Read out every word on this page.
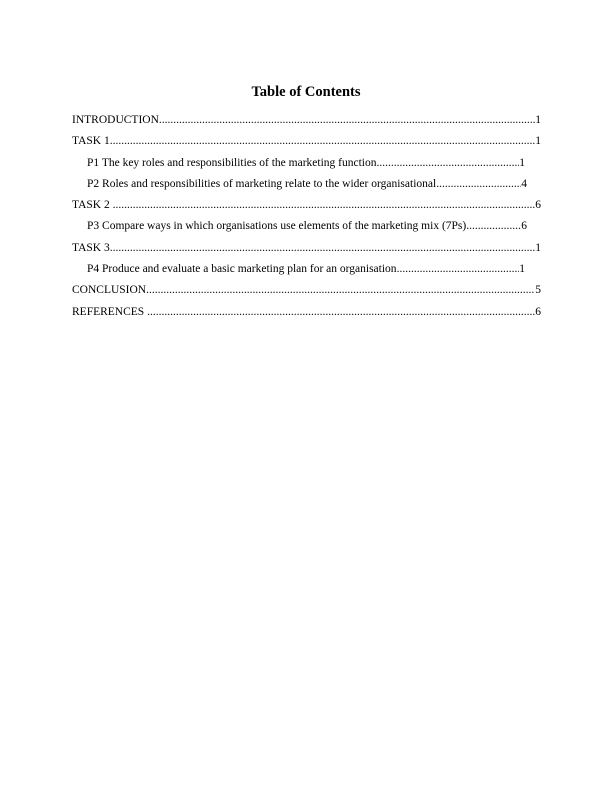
Table of Contents
INTRODUCTION .....	1
TASK 1 .....	1
P1 The key roles and responsibilities of the marketing function .....	1
P2 Roles and responsibilities of marketing relate to the wider organisational .....	4
TASK 2 .....	6
P3 Compare ways in which organisations use elements of the marketing mix (7Ps) .....	6
TASK 3 .....	1
P4 Produce and evaluate a basic marketing plan for an organisation .....	1
CONCLUSION .....	5
REFERENCES .....	6
